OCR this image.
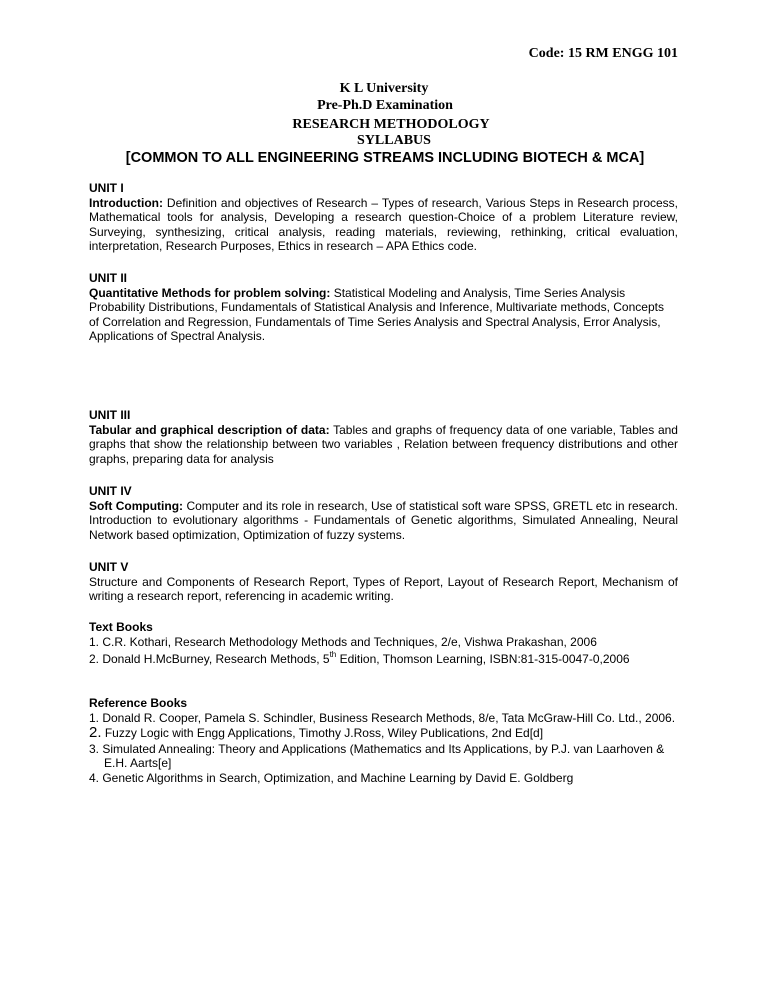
Code: 15 RM ENGG 101
K L University
Pre-Ph.D Examination
RESEARCH METHODOLOGY
SYLLABUS
[COMMON TO ALL ENGINEERING STREAMS INCLUDING BIOTECH & MCA]

UNIT I

Introduction: Definition and objectives of Research – Types of research, Various Steps in Research process, Mathematical tools for analysis, Developing a research question-Choice of a problem Literature review, Surveying, synthesizing, critical analysis, reading materials, reviewing, rethinking, critical evaluation, interpretation, Research Purposes, Ethics in research – APA Ethics code.

UNIT II

Quantitative Methods for problem solving: Statistical Modeling and Analysis, Time Series Analysis

Probability Distributions, Fundamentals of Statistical Analysis and Inference, Multivariate methods, Concepts

of Correlation and Regression, Fundamentals of Time Series Analysis and Spectral Analysis, Error Analysis,

Applications of Spectral Analysis.

UNIT III

Tabular and graphical description of data: Tables and graphs of frequency data of one variable, Tables and graphs that show the relationship between two variables , Relation between frequency distributions and other graphs, preparing data for analysis

UNIT IV

Soft Computing: Computer and its role in research, Use of statistical soft ware SPSS, GRETL etc in research. Introduction to evolutionary algorithms - Fundamentals of Genetic algorithms, Simulated Annealing, Neural Network based optimization, Optimization of fuzzy systems.

UNIT V

Structure and Components of Research Report, Types of Report, Layout of Research Report, Mechanism of writing a research report, referencing in academic writing.

Text Books

1. C.R. Kothari, Research Methodology Methods and Techniques, 2/e, Vishwa Prakashan, 2006

2. Donald H.McBurney, Research Methods, 5th Edition, Thomson Learning, ISBN:81-315-0047-0,2006

Reference Books

1. Donald R. Cooper, Pamela S. Schindler, Business Research Methods, 8/e, Tata McGraw-Hill Co. Ltd., 2006.

2. Fuzzy Logic with Engg Applications, Timothy J.Ross, Wiley Publications, 2nd Ed[d]

3. Simulated Annealing: Theory and Applications (Mathematics and Its Applications, by P.J. van Laarhoven &

E.H. Aarts[e]

4. Genetic Algorithms in Search, Optimization, and Machine Learning by David E. Goldberg
